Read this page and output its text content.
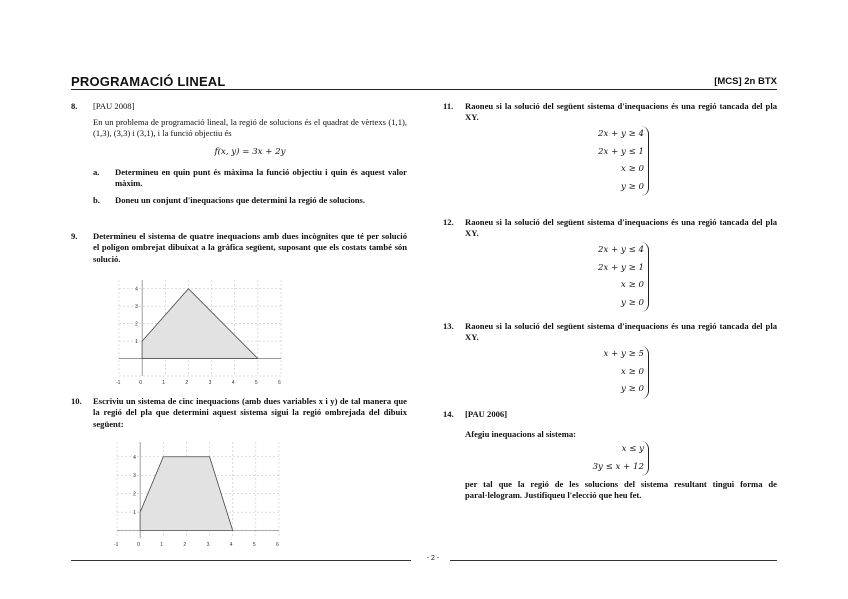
PROGRAMACIÓ LINEAL	[MCS] 2n BTX
8. [PAU 2008]
En un problema de programació lineal, la regió de solucions és el quadrat de vèrtexs (1,1), (1,3), (3,3) i (3,1), i la funció objectiu és
f(x, y) = 3x + 2y
a. Determineu en quin punt és màxima la funció objectiu i quin és aquest valor màxim.
b. Doneu un conjunt d'inequacions que determini la regió de solucions.
9. Determineu el sistema de quatre inequacions amb dues incògnites que té per solució el polígon ombrejat dibuixat a la gràfica següent, suposant que els costats també són solució.
-1	0	1	2	3	4	5	6
1
2
3
4
10. Escriviu un sistema de cinc inequacions (amb dues variables x i y) de tal manera que la regió del pla que determini aquest sistema sigui la regió ombrejada del dibuix següent:
-1	0	1	2	3	4	5	6
1
2
3
4
11. Raoneu si la solució del següent sistema d'inequacions és una regió tancada del pla XY.
2x + y ≥ 4
2x + y ≤ 1
x ≥ 0
y ≥ 0
12. Raoneu si la solució del següent sistema d'inequacions és una regió tancada del pla XY.
2x + y ≤ 4
2x + y ≥ 1
x ≥ 0
y ≥ 0
13. Raoneu si la solució del següent sistema d'inequacions és una regió tancada del pla XY.
x + y ≥ 5
x ≥ 0
y ≥ 0
14. [PAU 2006]
Afegiu inequacions al sistema:
x ≤ y
3y ≤ x + 12
per tal que la regió de les solucions del sistema resultant tingui forma de paral·lelogram. Justifiqueu l'elecció que heu fet.
- 2 -
